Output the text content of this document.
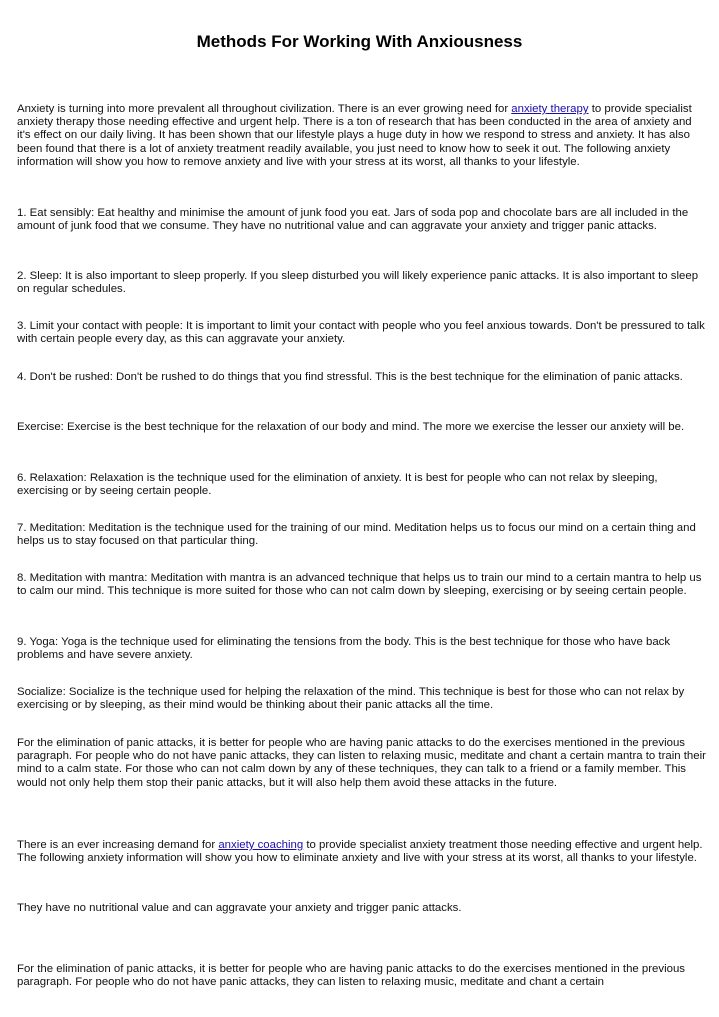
Methods For Working With Anxiousness

Anxiety is turning into more prevalent all throughout civilization. There is an ever growing need for anxiety therapy to provide specialist anxiety therapy those needing effective and urgent help. There is a ton of research that has been conducted in the area of anxiety and it's effect on our daily living. It has been shown that our lifestyle plays a huge duty in how we respond to stress and anxiety. It has also been found that there is a lot of anxiety treatment readily available, you just need to know how to seek it out. The following anxiety information will show you how to remove anxiety and live with your stress at its worst, all thanks to your lifestyle.

1. Eat sensibly: Eat healthy and minimise the amount of junk food you eat. Jars of soda pop and chocolate bars are all included in the amount of junk food that we consume. They have no nutritional value and can aggravate your anxiety and trigger panic attacks.

2. Sleep: It is also important to sleep properly. If you sleep disturbed you will likely experience panic attacks. It is also important to sleep on regular schedules.

3. Limit your contact with people: It is important to limit your contact with people who you feel anxious towards. Don't be pressured to talk with certain people every day, as this can aggravate your anxiety.

4. Don't be rushed: Don't be rushed to do things that you find stressful. This is the best technique for the elimination of panic attacks.

Exercise: Exercise is the best technique for the relaxation of our body and mind. The more we exercise the lesser our anxiety will be.

6. Relaxation: Relaxation is the technique used for the elimination of anxiety. It is best for people who can not relax by sleeping, exercising or by seeing certain people.

7. Meditation: Meditation is the technique used for the training of our mind. Meditation helps us to focus our mind on a certain thing and helps us to stay focused on that particular thing.

8. Meditation with mantra: Meditation with mantra is an advanced technique that helps us to train our mind to a certain mantra to help us to calm our mind. This technique is more suited for those who can not calm down by sleeping, exercising or by seeing certain people.

9. Yoga: Yoga is the technique used for eliminating the tensions from the body. This is the best technique for those who have back problems and have severe anxiety.

Socialize: Socialize is the technique used for helping the relaxation of the mind. This technique is best for those who can not relax by exercising or by sleeping, as their mind would be thinking about their panic attacks all the time.

For the elimination of panic attacks, it is better for people who are having panic attacks to do the exercises mentioned in the previous paragraph. For people who do not have panic attacks, they can listen to relaxing music, meditate and chant a certain mantra to train their mind to a calm state. For those who can not calm down by any of these techniques, they can talk to a friend or a family member. This would not only help them stop their panic attacks, but it will also help them avoid these attacks in the future.

There is an ever increasing demand for anxiety coaching to provide specialist anxiety treatment those needing effective and urgent help. The following anxiety information will show you how to eliminate anxiety and live with your stress at its worst, all thanks to your lifestyle.

They have no nutritional value and can aggravate your anxiety and trigger panic attacks.

For the elimination of panic attacks, it is better for people who are having panic attacks to do the exercises mentioned in the previous paragraph. For people who do not have panic attacks, they can listen to relaxing music, meditate and chant a certain
